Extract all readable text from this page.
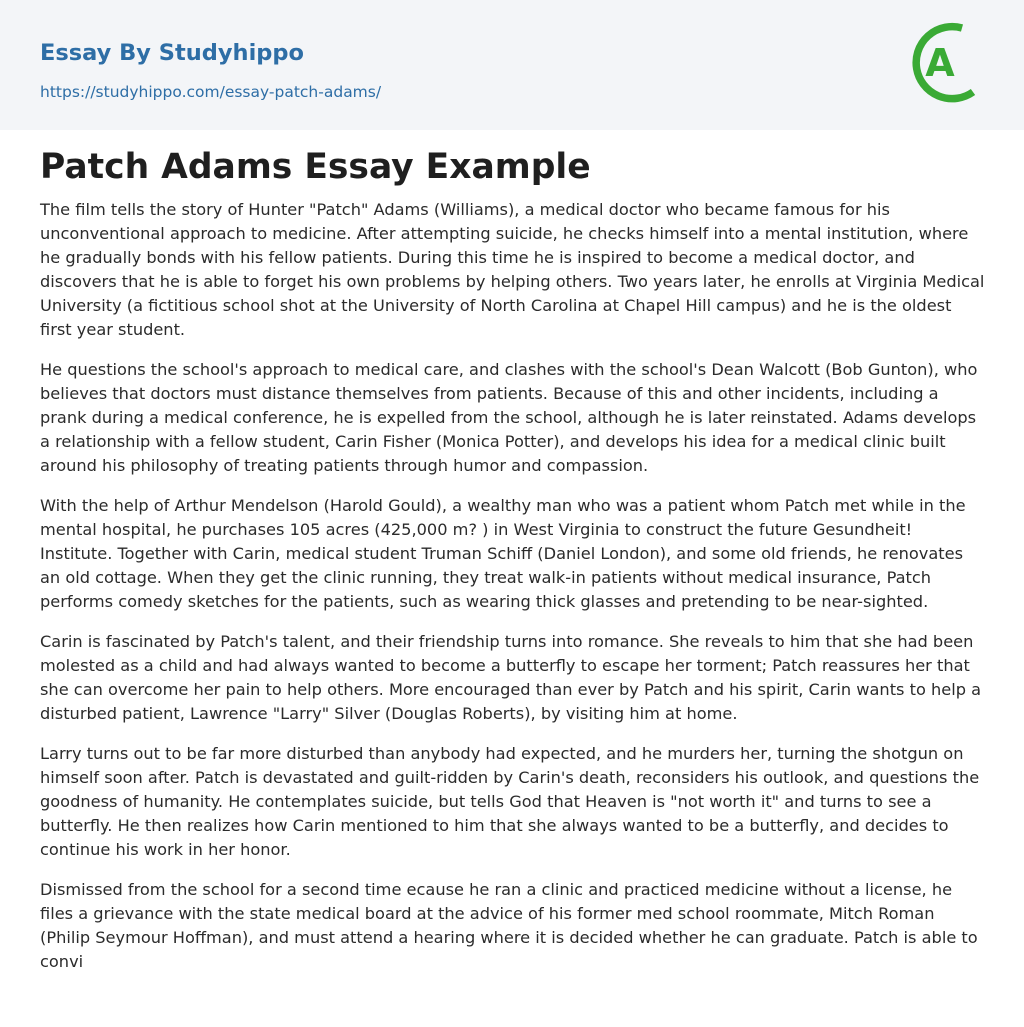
Essay By Studyhippo
https://studyhippo.com/essay-patch-adams/
A
Patch Adams Essay Example

The film tells the story of Hunter "Patch" Adams (Williams), a medical doctor who became famous for his unconventional approach to medicine. After attempting suicide, he checks himself into a mental institution, where he gradually bonds with his fellow patients. During this time he is inspired to become a medical doctor, and discovers that he is able to forget his own problems by helping others. Two years later, he enrolls at Virginia Medical University (a fictitious school shot at the University of North Carolina at Chapel Hill campus) and he is the oldest first year student.

He questions the school's approach to medical care, and clashes with the school's Dean Walcott (Bob Gunton), who believes that doctors must distance themselves from patients. Because of this and other incidents, including a prank during a medical conference, he is expelled from the school, although he is later reinstated. Adams develops a relationship with a fellow student, Carin Fisher (Monica Potter), and develops his idea for a medical clinic built around his philosophy of treating patients through humor and compassion.

With the help of Arthur Mendelson (Harold Gould), a wealthy man who was a patient whom Patch met while in the mental hospital, he purchases 105 acres (425,000 m? ) in West Virginia to construct the future Gesundheit! Institute. Together with Carin, medical student Truman Schiff (Daniel London), and some old friends, he renovates an old cottage. When they get the clinic running, they treat walk-in patients without medical insurance, Patch performs comedy sketches for the patients, such as wearing thick glasses and pretending to be near-sighted.

Carin is fascinated by Patch's talent, and their friendship turns into romance. She reveals to him that she had been molested as a child and had always wanted to become a butterfly to escape her torment; Patch reassures her that she can overcome her pain to help others. More encouraged than ever by Patch and his spirit, Carin wants to help a disturbed patient, Lawrence "Larry" Silver (Douglas Roberts), by visiting him at home.

Larry turns out to be far more disturbed than anybody had expected, and he murders her, turning the shotgun on himself soon after. Patch is devastated and guilt-ridden by Carin's death, reconsiders his outlook, and questions the goodness of humanity. He contemplates suicide, but tells God that Heaven is "not worth it" and turns to see a butterfly. He then realizes how Carin mentioned to him that she always wanted to be a butterfly, and decides to continue his work in her honor.

Dismissed from the school for a second time ecause he ran a clinic and practiced medicine without a license, he files a grievance with the state medical board at the advice of his former med school roommate, Mitch Roman (Philip Seymour Hoffman), and must attend a hearing where it is decided whether he can graduate. Patch is able to convi
